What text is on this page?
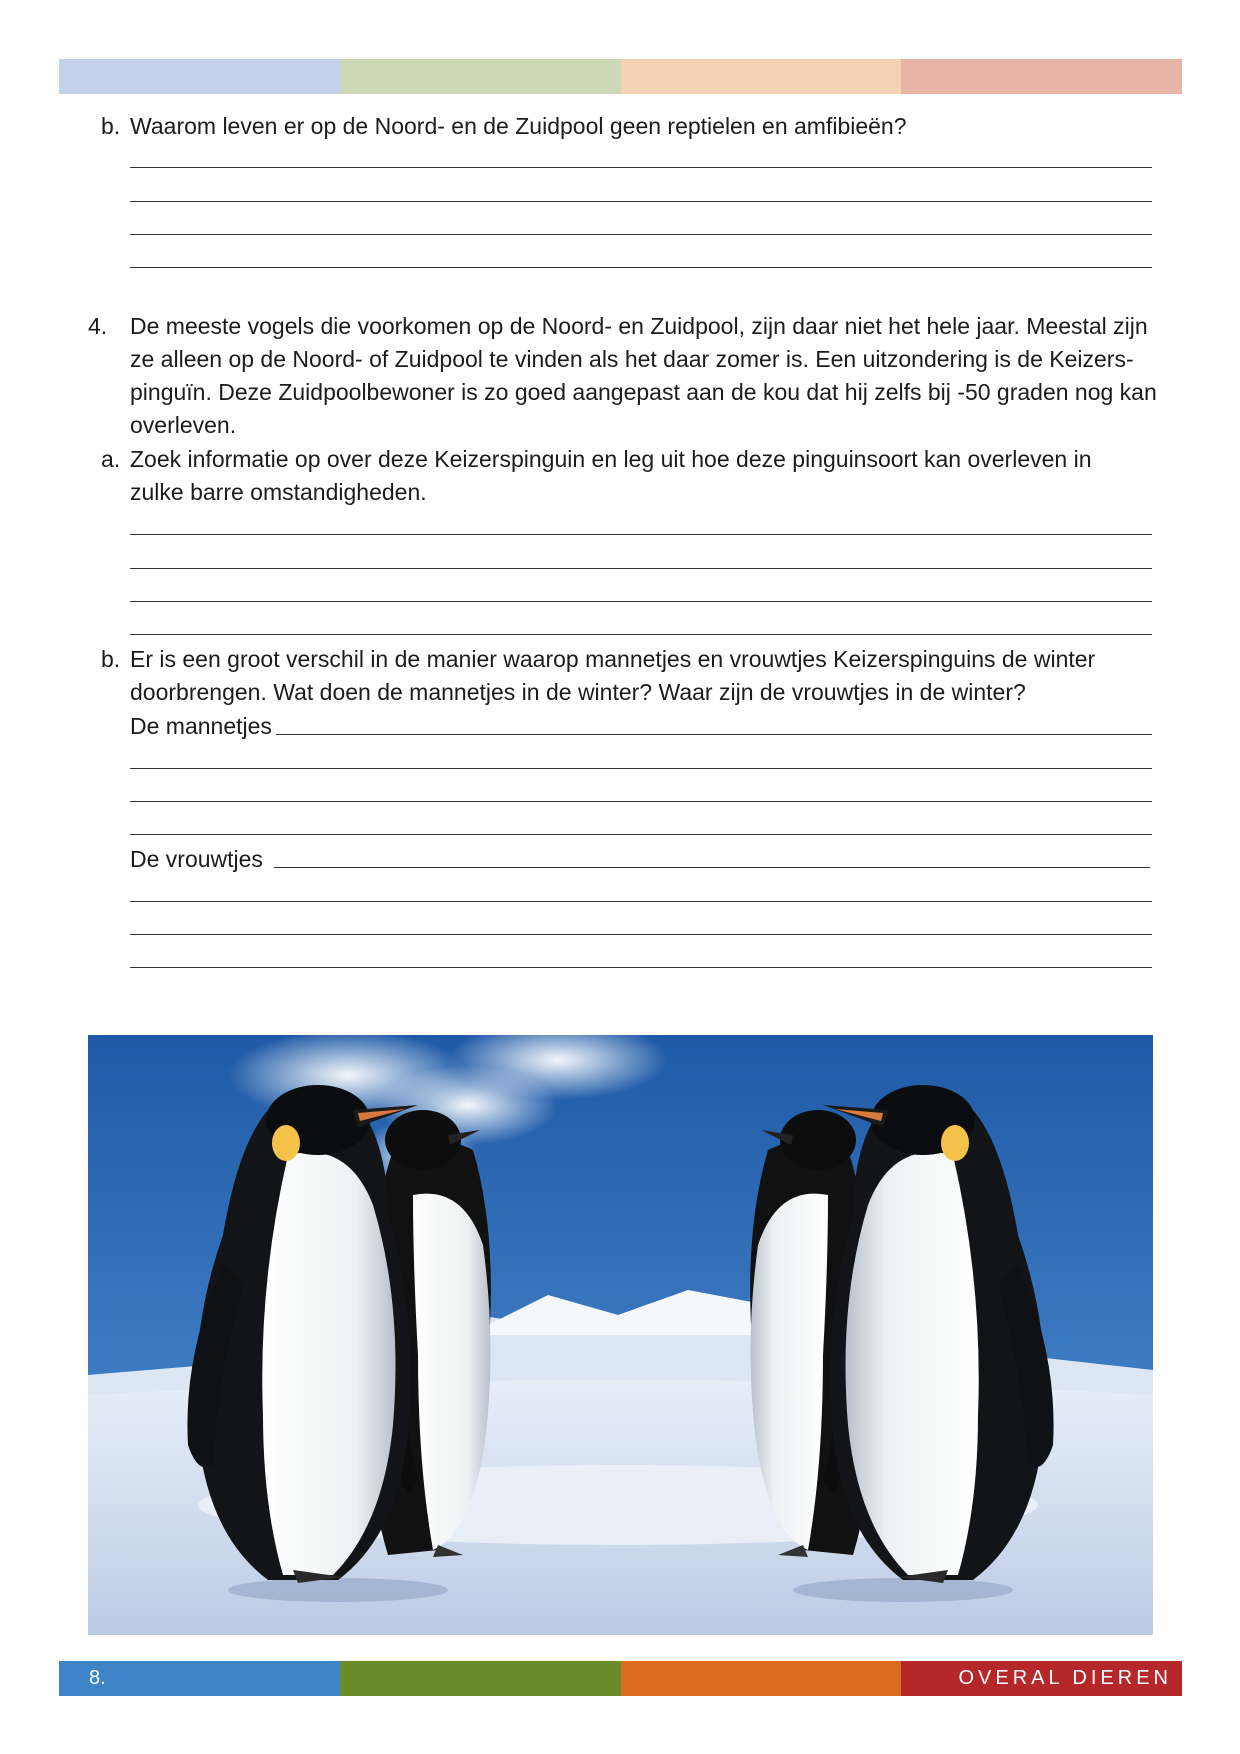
b. Waarom leven er op de Noord- en de Zuidpool geen reptielen en amfibieën?
4. De meeste vogels die voorkomen op de Noord- en Zuidpool, zijn daar niet het hele jaar. Meestal zijn
ze alleen op de Noord- of Zuidpool te vinden als het daar zomer is. Een uitzondering is de Keizers-
pinguïn. Deze Zuidpoolbewoner is zo goed aangepast aan de kou dat hij zelfs bij -50 graden nog kan
overleven.
a. Zoek informatie op over deze Keizerspinguin en leg uit hoe deze pinguinsoort kan overleven in
zulke barre omstandigheden.
b. Er is een groot verschil in de manier waarop mannetjes en vrouwtjes Keizerspinguins de winter
doorbrengen. Wat doen de mannetjes in de winter? Waar zijn de vrouwtjes in de winter?
De mannetjes
De vrouwtjes
8.	OVERAL DIEREN
